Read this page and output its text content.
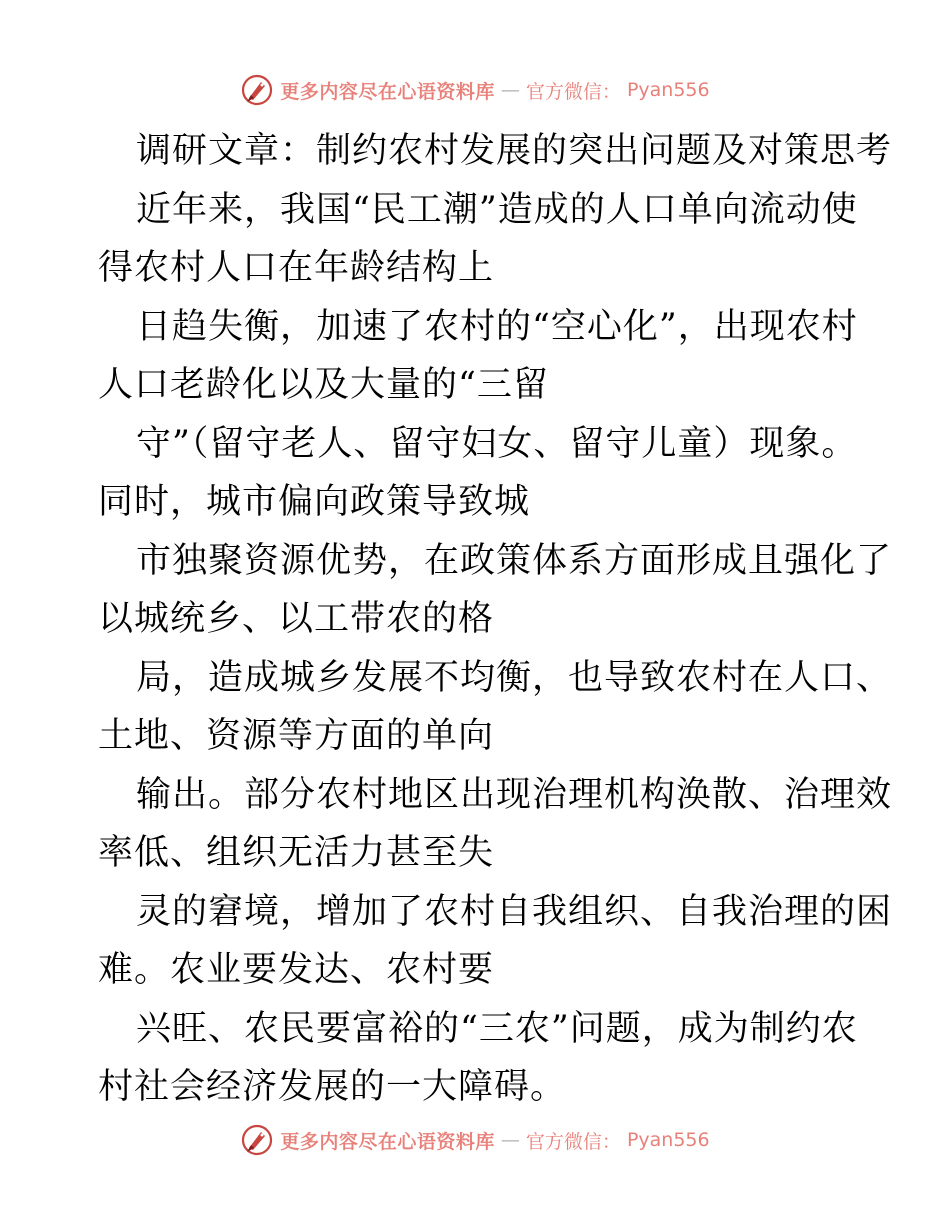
更多内容尽在心语资料库 — 官方微信： Pyan556
调研文章：制约农村发展的突出问题及对策思考
近年来，我国“民工潮”造成的人口单向流动使
得农村人口在年龄结构上
日趋失衡，加速了农村的“空心化”，出现农村
人口老龄化以及大量的“三留
守”（留守老人、留守妇女、留守儿童）现象。
同时，城市偏向政策导致城
市独聚资源优势，在政策体系方面形成且强化了
以城统乡、以工带农的格
局，造成城乡发展不均衡，也导致农村在人口、
土地、资源等方面的单向
输出。部分农村地区出现治理机构涣散、治理效
率低、组织无活力甚至失
灵的窘境，增加了农村自我组织、自我治理的困
难。农业要发达、农村要
兴旺、农民要富裕的“三农”问题，成为制约农
村社会经济发展的一大障碍。
更多内容尽在心语资料库 — 官方微信： Pyan556
